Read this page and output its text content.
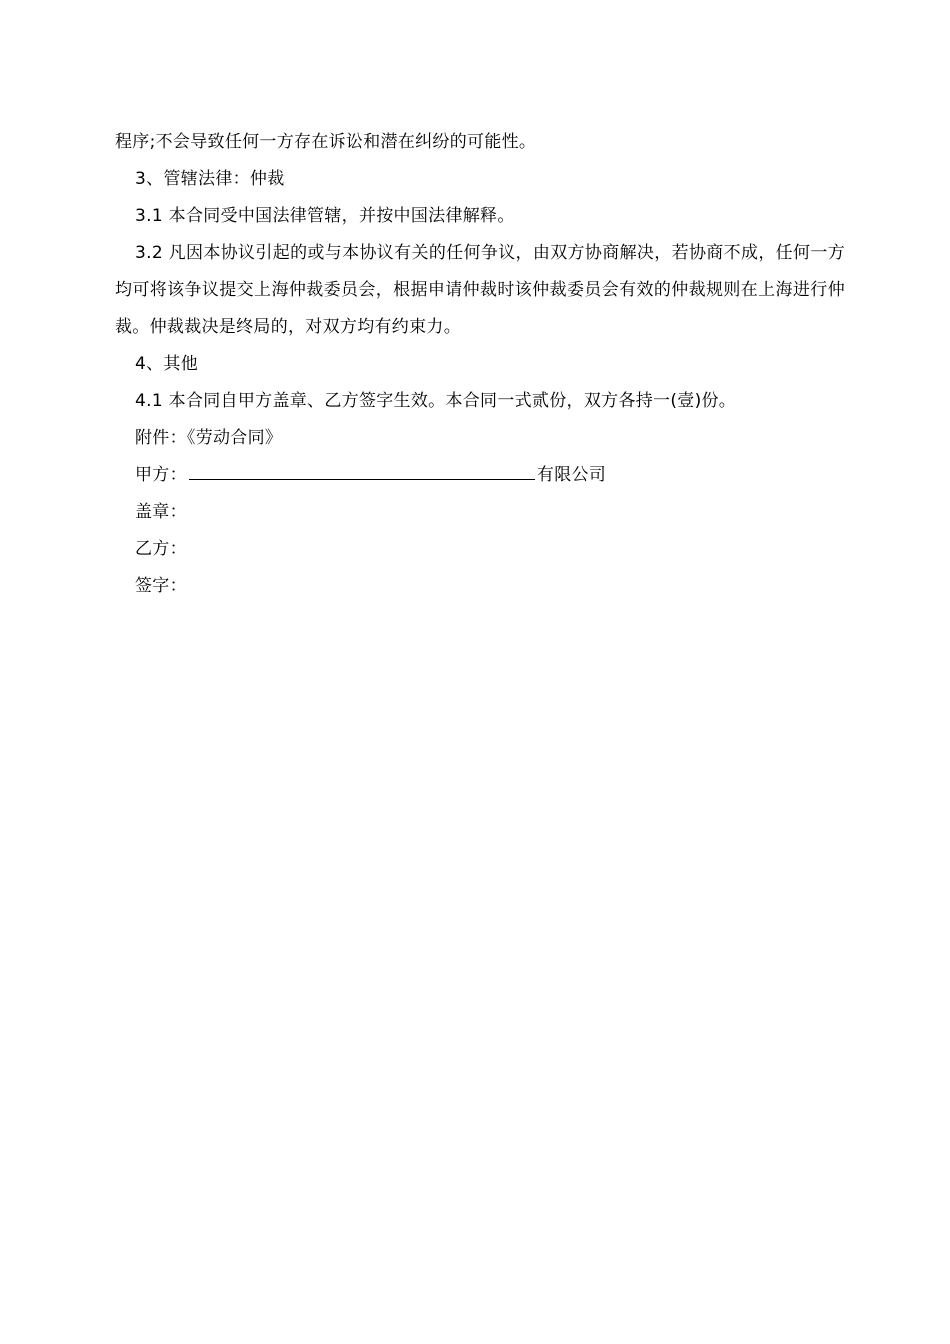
程序;不会导致任何一方存在诉讼和潜在纠纷的可能性。

3、管辖法律：仲裁

3.1 本合同受中国法律管辖，并按中国法律解释。

3.2 凡因本协议引起的或与本协议有关的任何争议，由双方协商解决，若协商不成，任何一方均可将该争议提交上海仲裁委员会，根据申请仲裁时该仲裁委员会有效的仲裁规则在上海进行仲裁。仲裁裁决是终局的，对双方均有约束力。

4、其他

4.1 本合同自甲方盖章、乙方签字生效。本合同一式贰份，双方各持一(壹)份。

附件：《劳动合同》

甲方：	有限公司

盖章：

乙方：

签字：
